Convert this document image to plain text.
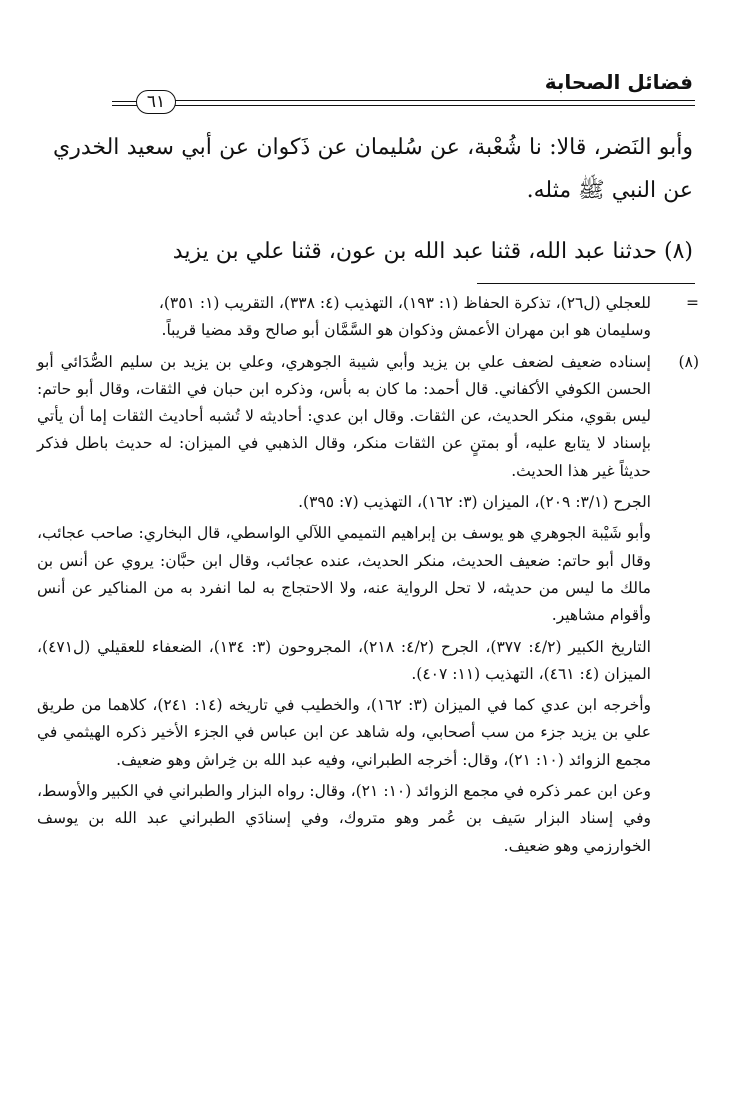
فضائل الصحابة
٦١

وأبو النَضر، قالا: نا شُعْبة، عن سُليمان عن ذَكوان عن أبي سعيد الخدري عن النبي ﷺ مثله.

(٨) حدثنا عبد الله، قثنا عبد الله بن عون، قثنا علي بن يزيد

=

للعجلي (ل٢٦)، تذكرة الحفاظ (١: ١٩٣)، التهذيب (٤: ٣٣٨)، التقريب (١: ٣٥١)،

وسليمان هو ابن مهران الأعمش وذكوان هو السَّمَّان أبو صالح وقد مضيا قريباً.

(٨)

إسناده ضعيف لضعف علي بن يزيد وأبي شيبة الجوهري، وعلي بن يزيد بن سليم الصُّدَائي أبو الحسن الكوفي الأكفاني. قال أحمد: ما كان به بأس، وذكره ابن حبان في الثقات، وقال أبو حاتم: ليس بقوي، منكر الحديث، عن الثقات. وقال ابن عدي: أحاديثه لا تُشبه أحاديث الثقات إما أن يأتي بإسناد لا يتابع عليه، أو بمتنٍ عن الثقات منكر، وقال الذهبي في الميزان: له حديث باطل فذكر حديثاً غير هذا الحديث.

الجرح (٣/١: ٢٠٩)، الميزان (٣: ١٦٢)، التهذيب (٧: ٣٩٥).

وأبو شَيْبة الجوهري هو يوسف بن إبراهيم التميمي اللآلي الواسطي، قال البخاري: صاحب عجائب، وقال أبو حاتم: ضعيف الحديث، منكر الحديث، عنده عجائب، وقال ابن حبَّان: يروي عن أنس بن مالك ما ليس من حديثه، لا تحل الرواية عنه، ولا الاحتجاج به لما انفرد به من المناكير عن أنس وأقوام مشاهير.

التاريخ الكبير (٤/٢: ٣٧٧)، الجرح (٤/٢: ٢١٨)، المجروحون (٣: ١٣٤)، الضعفاء للعقيلي (ل٤٧١)، الميزان (٤: ٤٦١)، التهذيب (١١: ٤٠٧).

وأخرجه ابن عدي كما في الميزان (٣: ١٦٢)، والخطيب في تاريخه (١٤: ٢٤١)، كلاهما من طريق علي بن يزيد جزء من سب أصحابي، وله شاهد عن ابن عباس في الجزء الأخير ذكره الهيثمي في مجمع الزوائد (١٠: ٢١)، وقال: أخرجه الطبراني، وفيه عبد الله بن خِراش وهو ضعيف.

وعن ابن عمر ذكره في مجمع الزوائد (١٠: ٢١)، وقال: رواه البزار والطبراني في الكبير والأوسط، وفي إسناد البزار سَيف بن عُمر وهو متروك، وفي إسنادَي الطبراني عبد الله بن يوسف الخوارزمي وهو ضعيف.
